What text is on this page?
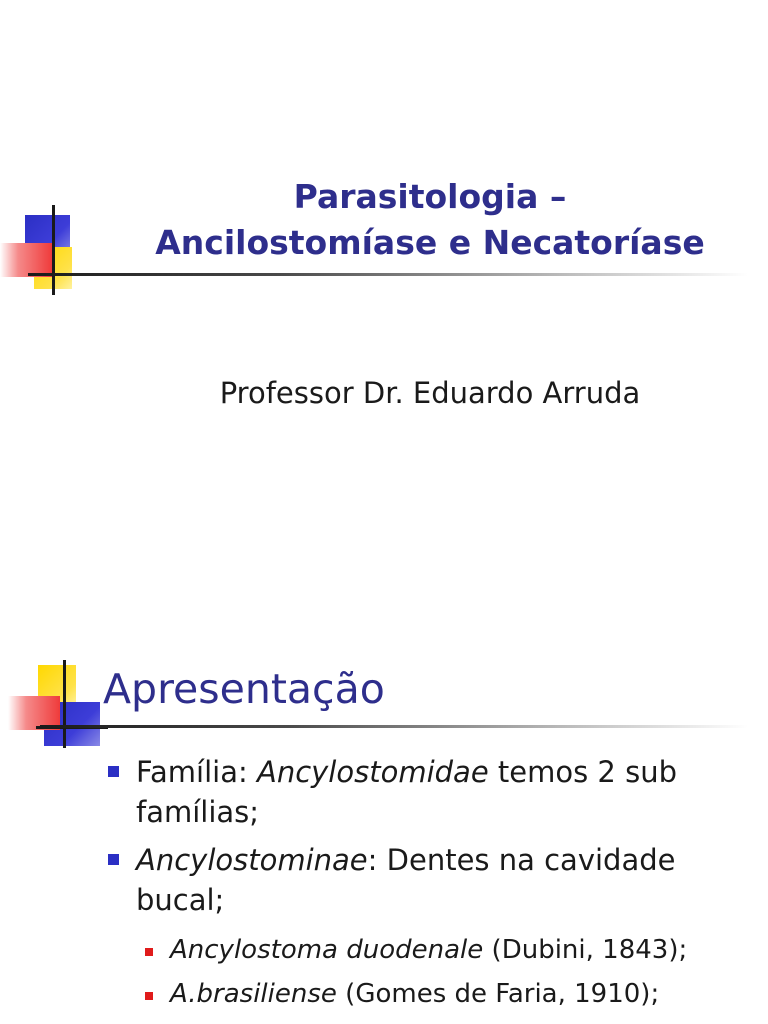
Parasitologia –
Ancilostomíase e Necatoríase
Professor Dr. Eduardo Arruda
Apresentação
Família: Ancylostomidae temos 2 sub famílias;
Ancylostominae: Dentes na cavidade bucal;
Ancylostoma duodenale (Dubini, 1843);
A.brasiliense (Gomes de Faria, 1910);
